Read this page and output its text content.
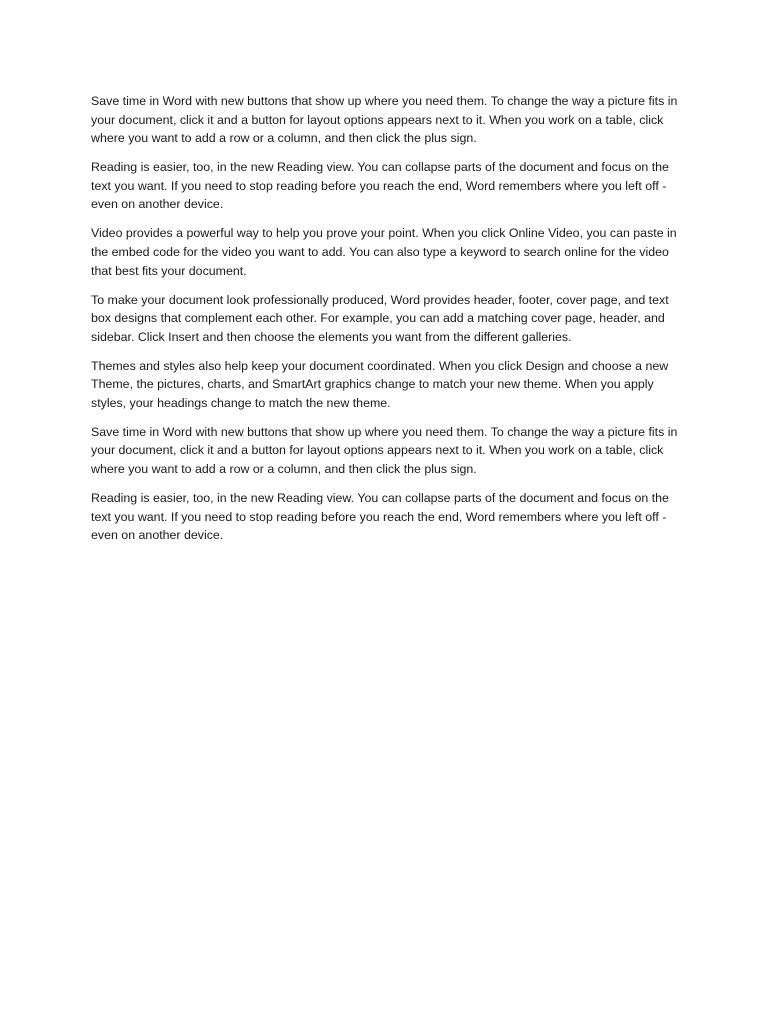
Save time in Word with new buttons that show up where you need them. To change the way a picture fits in your document, click it and a button for layout options appears next to it. When you work on a table, click where you want to add a row or a column, and then click the plus sign.

Reading is easier, too, in the new Reading view. You can collapse parts of the document and focus on the text you want. If you need to stop reading before you reach the end, Word remembers where you left off - even on another device.

Video provides a powerful way to help you prove your point. When you click Online Video, you can paste in the embed code for the video you want to add. You can also type a keyword to search online for the video that best fits your document.

To make your document look professionally produced, Word provides header, footer, cover page, and text box designs that complement each other. For example, you can add a matching cover page, header, and sidebar. Click Insert and then choose the elements you want from the different galleries.

Themes and styles also help keep your document coordinated. When you click Design and choose a new Theme, the pictures, charts, and SmartArt graphics change to match your new theme. When you apply styles, your headings change to match the new theme.

Save time in Word with new buttons that show up where you need them. To change the way a picture fits in your document, click it and a button for layout options appears next to it. When you work on a table, click where you want to add a row or a column, and then click the plus sign.

Reading is easier, too, in the new Reading view. You can collapse parts of the document and focus on the text you want. If you need to stop reading before you reach the end, Word remembers where you left off - even on another device.
